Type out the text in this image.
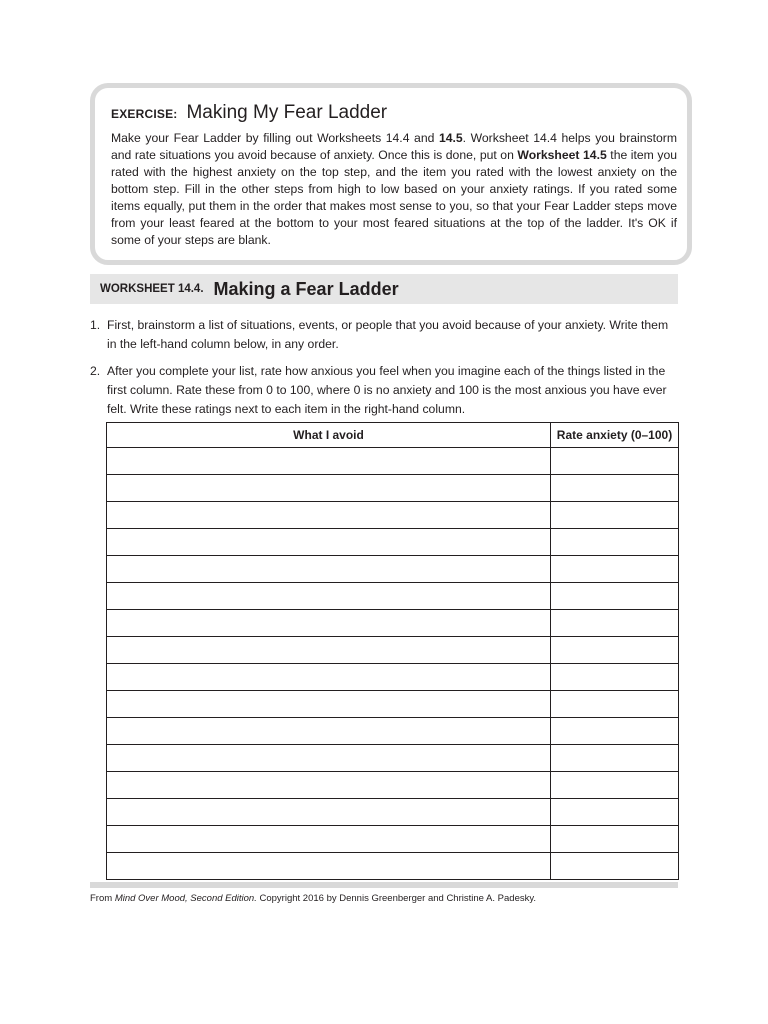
EXERCISE: Making My Fear Ladder

Make your Fear Ladder by filling out Worksheets 14.4 and 14.5. Worksheet 14.4 helps you brainstorm and rate situations you avoid because of anxiety. Once this is done, put on Worksheet 14.5 the item you rated with the highest anxiety on the top step, and the item you rated with the lowest anxiety on the bottom step. Fill in the other steps from high to low based on your anxiety ratings. If you rated some items equally, put them in the order that makes most sense to you, so that your Fear Ladder steps move from your least feared at the bottom to your most feared situations at the top of the ladder. It's OK if some of your steps are blank.

WORKSHEET 14.4. Making a Fear Ladder
1. First, brainstorm a list of situations, events, or people that you avoid because of your anxiety. Write them in the left-hand column below, in any order.
2. After you complete your list, rate how anxious you feel when you imagine each of the things listed in the first column. Rate these from 0 to 100, where 0 is no anxiety and 100 is the most anxious you have ever felt. Write these ratings next to each item in the right-hand column.
What I avoid	Rate anxiety (0–100)

From Mind Over Mood, Second Edition. Copyright 2016 by Dennis Greenberger and Christine A. Padesky.
